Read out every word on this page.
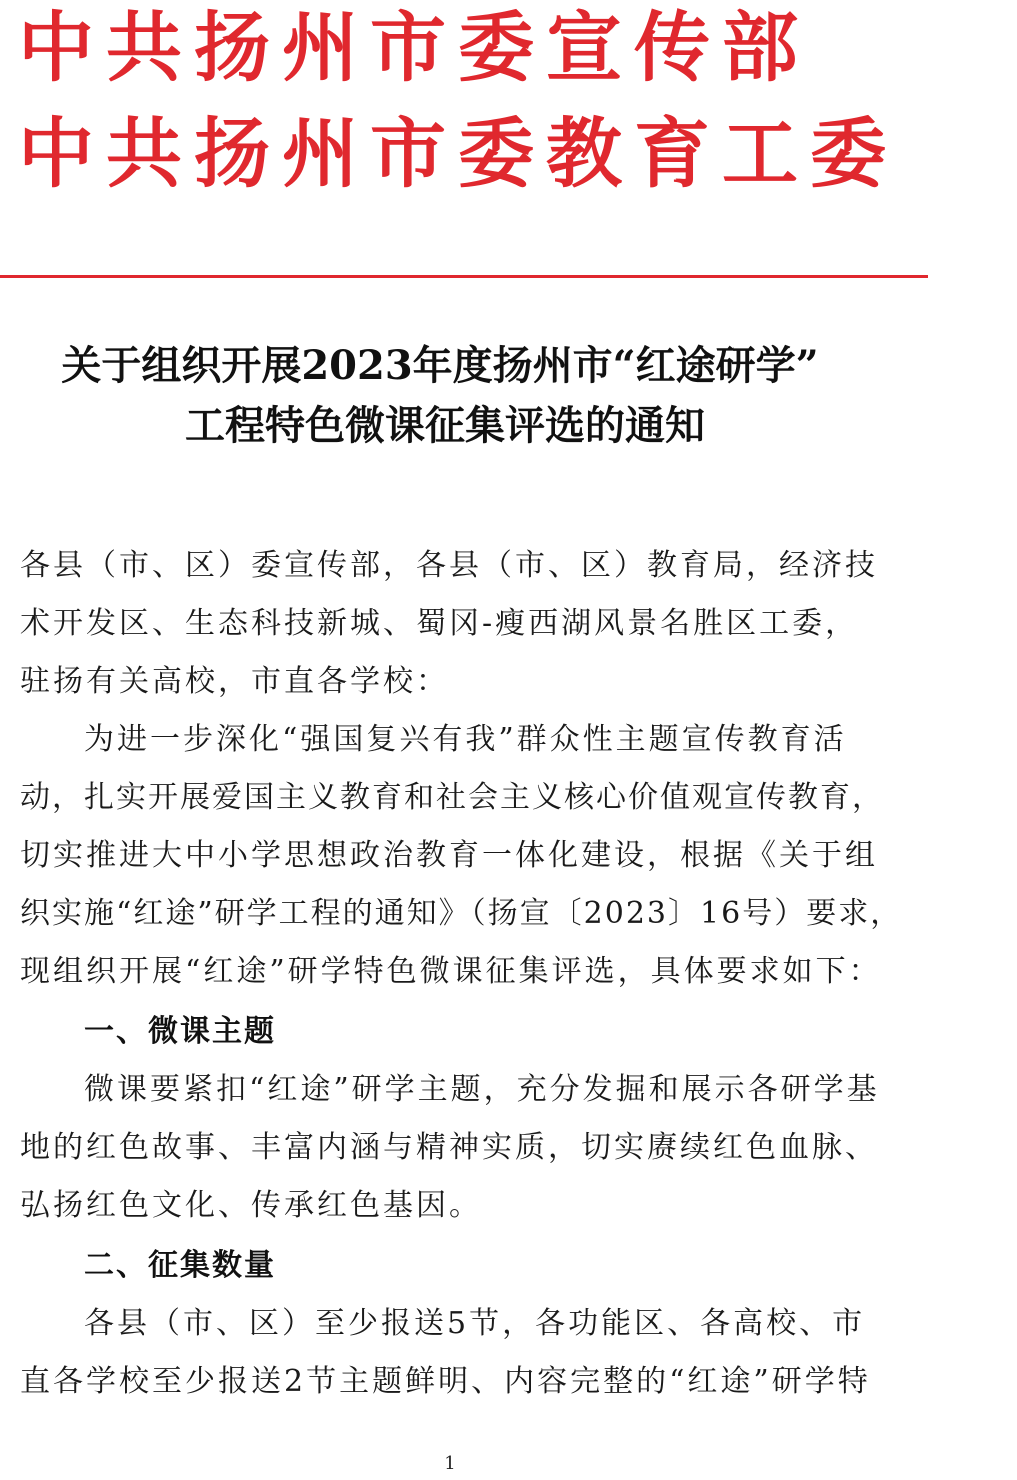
中共扬州市委宣传部
中共扬州市委教育工委
关于组织开展2023年度扬州市“红途研学”
工程特色微课征集评选的通知
各县（市、区）委宣传部，各县（市、区）教育局，经济技
术开发区、生态科技新城、蜀冈-瘦西湖风景名胜区工委，
驻扬有关高校，市直各学校：
为进一步深化“强国复兴有我”群众性主题宣传教育活
动，扎实开展爱国主义教育和社会主义核心价值观宣传教育，
切实推进大中小学思想政治教育一体化建设，根据《关于组
织实施“红途”研学工程的通知》（扬宣〔2023〕16号）要求，
现组织开展“红途”研学特色微课征集评选，具体要求如下：
一、微课主题
微课要紧扣“红途”研学主题，充分发掘和展示各研学基
地的红色故事、丰富内涵与精神实质，切实赓续红色血脉、
弘扬红色文化、传承红色基因。
二、征集数量
各县（市、区）至少报送5节，各功能区、各高校、市
直各学校至少报送2节主题鲜明、内容完整的“红途”研学特
1
